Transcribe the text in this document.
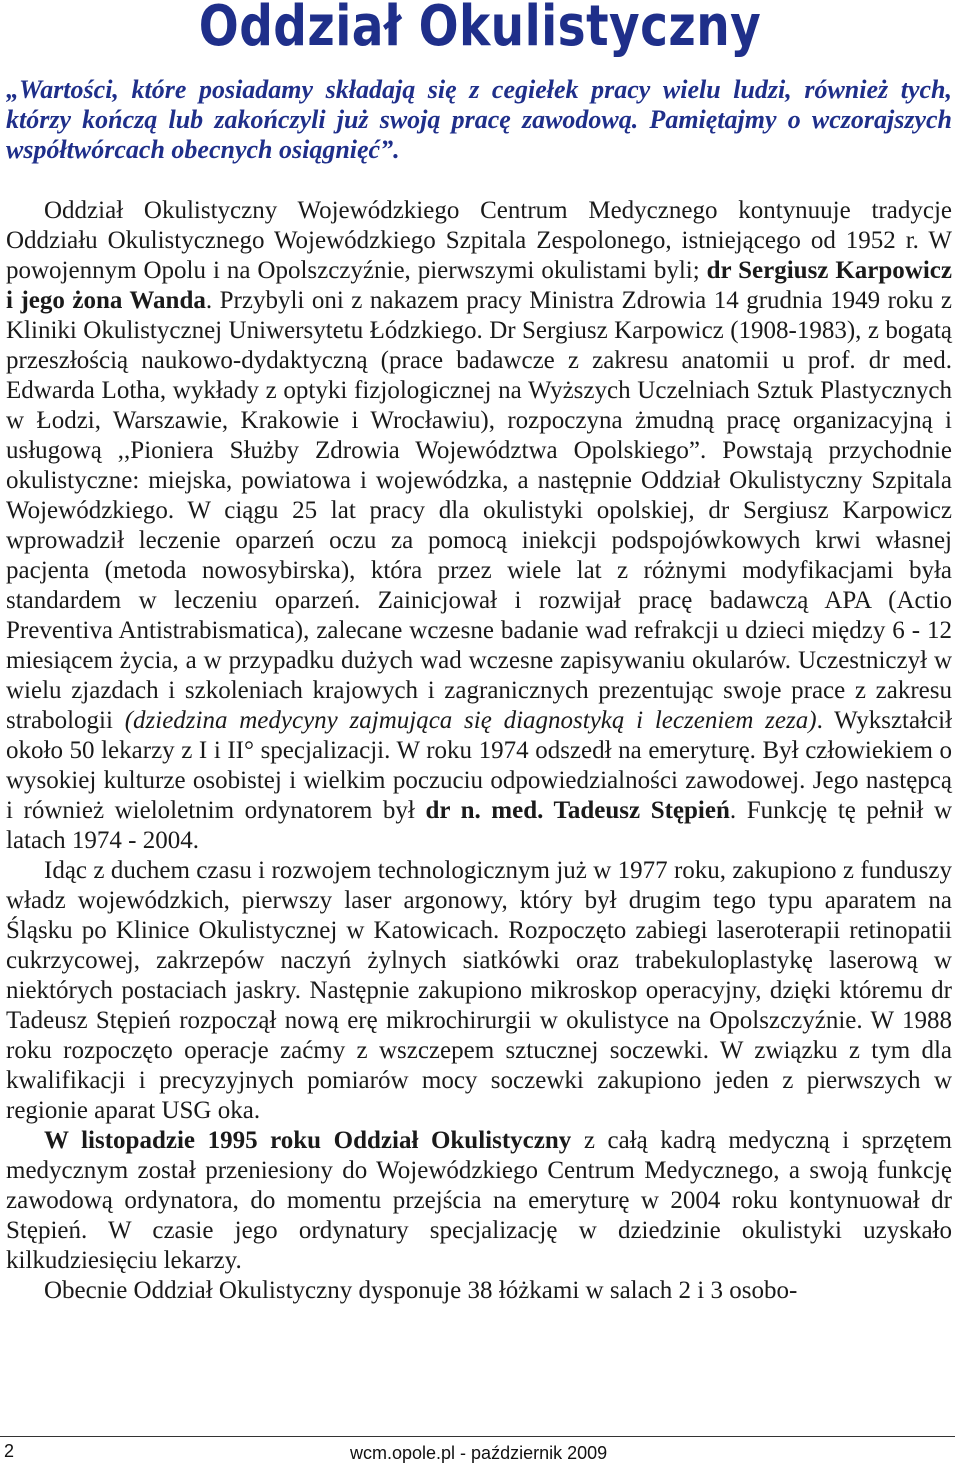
Oddział Okulistyczny

„Wartości, które posiadamy składają się z cegiełek pracy wielu ludzi, również tych, którzy kończą lub zakończyli już swoją pracę zawodową. Pamiętajmy o wczorajszych współtwórcach obecnych osiągnięć”.

Oddział Okulistyczny Wojewódzkiego Centrum Medycznego kontynuuje tradycje Oddziału Okulistycznego Wojewódzkiego Szpitala Zespolonego, istniejącego od 1952 r. W powojennym Opolu i na Opolszczyźnie, pierwszymi okulistami byli; dr Sergiusz Karpowicz i jego żona Wanda. Przybyli oni z nakazem pracy Ministra Zdrowia 14 grudnia 1949 roku z Kliniki Okulistycznej Uniwersytetu Łódzkiego. Dr Sergiusz Karpowicz (1908-1983), z bogatą przeszłością naukowo-dydaktyczną (prace badawcze z zakresu anatomii u prof. dr med. Edwarda Lotha, wykłady z optyki fizjologicznej na Wyższych Uczelniach Sztuk Plastycznych w Łodzi, Warszawie, Krakowie i Wrocławiu), rozpoczyna żmudną pracę organizacyjną i usługową ,,Pioniera Służby Zdrowia Województwa Opolskiego”. Powstają przychodnie okulistyczne: miejska, powiatowa i wojewódzka, a następnie Oddział Okulistyczny Szpitala Wojewódzkiego. W ciągu 25 lat pracy dla okulistyki opolskiej, dr Sergiusz Karpowicz wprowadził leczenie oparzeń oczu za pomocą iniekcji podspojówkowych krwi własnej pacjenta (metoda nowosybirska), która przez wiele lat z różnymi modyfikacjami była standardem w leczeniu oparzeń. Zainicjował i rozwijał pracę badawczą APA (Actio Preventiva Antistrabismatica), zalecane wczesne badanie wad refrakcji u dzieci między 6 - 12 miesiącem życia, a w przypadku dużych wad wczesne zapisywaniu okularów. Uczestniczył w wielu zjazdach i szkoleniach krajowych i zagranicznych prezentując swoje prace z zakresu strabologii (dziedzina medycyny zajmująca się diagnostyką i leczeniem zeza). Wykształcił około 50 lekarzy z I i II° specjalizacji. W roku 1974 odszedł na emeryturę. Był człowiekiem o wysokiej kulturze osobistej i wielkim poczuciu odpowiedzialności zawodowej. Jego następcą i również wieloletnim ordynatorem był dr n. med. Tadeusz Stępień. Funkcję tę pełnił w latach 1974 - 2004.

Idąc z duchem czasu i rozwojem technologicznym już w 1977 roku, zakupiono z funduszy władz wojewódzkich, pierwszy laser argonowy, który był drugim tego typu aparatem na Śląsku po Klinice Okulistycznej w Katowicach. Rozpoczęto zabiegi laseroterapii retinopatii cukrzycowej, zakrzepów naczyń żylnych siatkówki oraz trabekuloplastykę laserową w niektórych postaciach jaskry. Następnie zakupiono mikroskop operacyjny, dzięki któremu dr Tadeusz Stępień rozpoczął nową erę mikrochirurgii w okulistyce na Opolszczyźnie. W 1988 roku rozpoczęto operacje zaćmy z wszczepem sztucznej soczewki. W związku z tym dla kwalifikacji i precyzyjnych pomiarów mocy soczewki zakupiono jeden z pierwszych w regionie aparat USG oka.

W listopadzie 1995 roku Oddział Okulistyczny z całą kadrą medyczną i sprzętem medycznym został przeniesiony do Wojewódzkiego Centrum Medycznego, a swoją funkcję zawodową ordynatora, do momentu przejścia na emeryturę w 2004 roku kontynuował dr Stępień. W czasie jego ordynatury specjalizację w dziedzinie okulistyki uzyskało kilkudziesięciu lekarzy.

Obecnie Oddział Okulistyczny dysponuje 38 łóżkami w salach 2 i 3 osobo-

2	wcm.opole.pl - październik 2009
